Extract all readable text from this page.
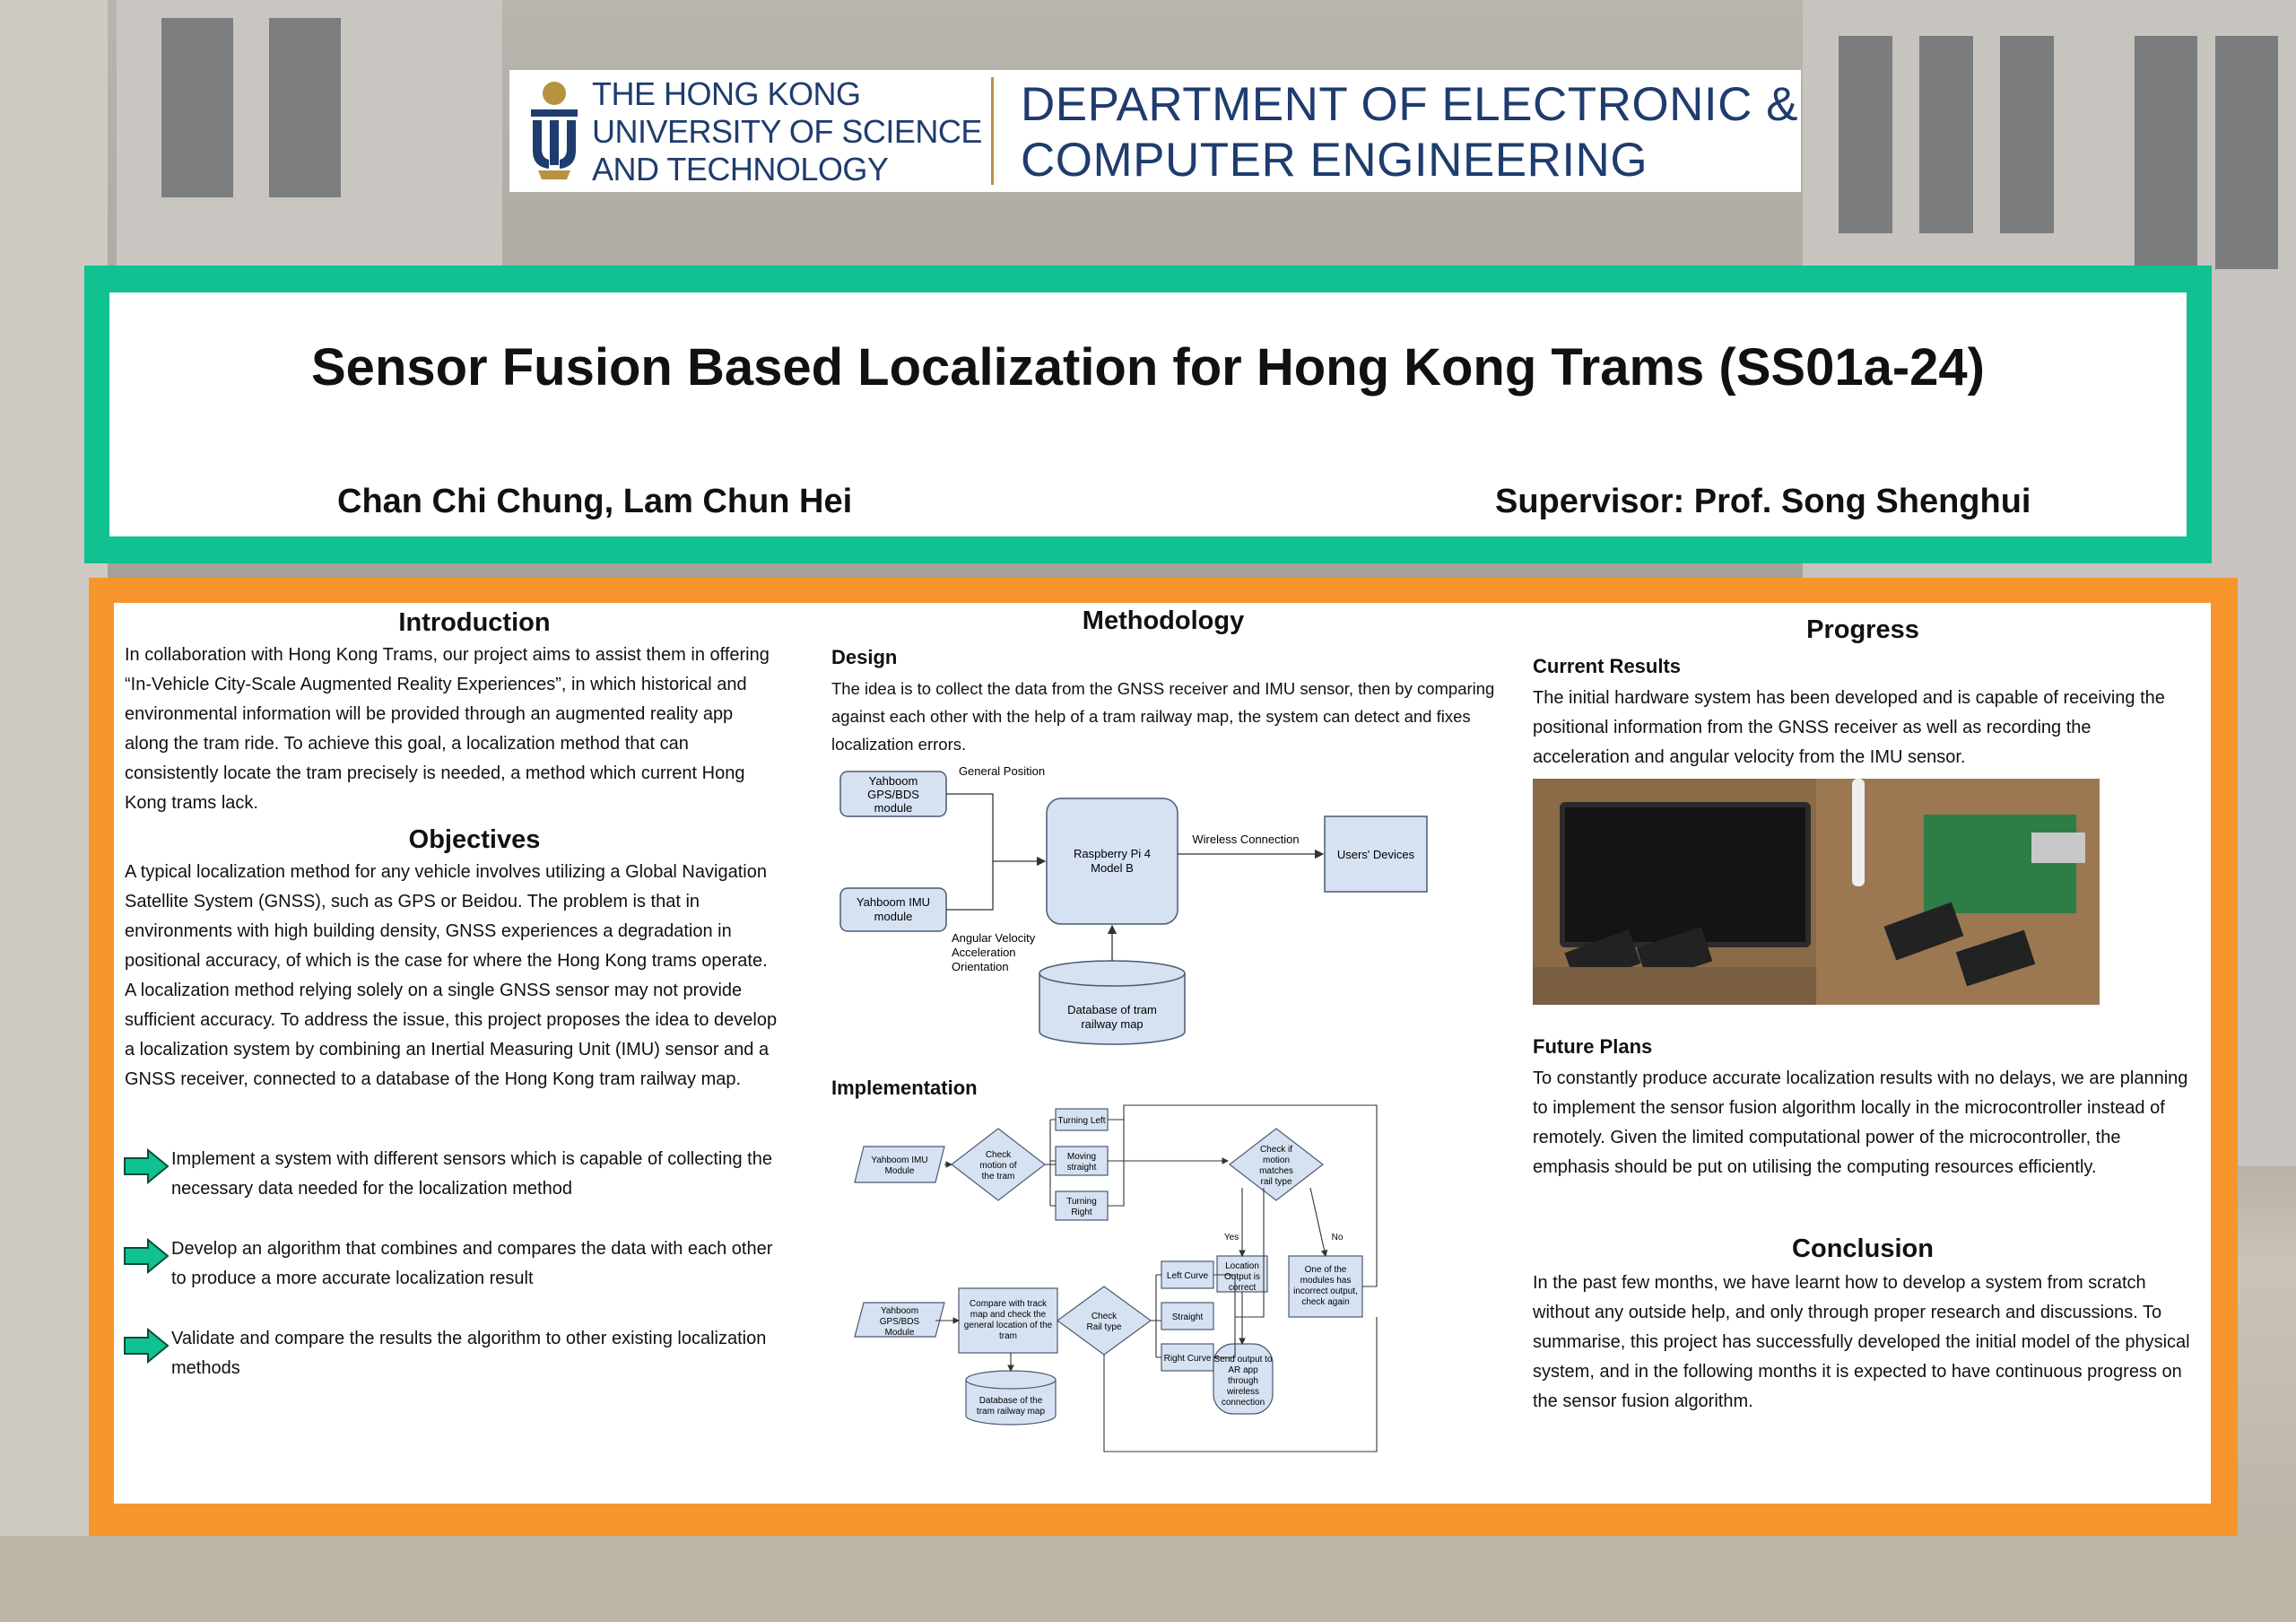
THE HONG KONG
UNIVERSITY OF SCIENCE
AND TECHNOLOGY
DEPARTMENT OF ELECTRONIC &
COMPUTER ENGINEERING
Sensor Fusion Based Localization for Hong Kong Trams (SS01a-24)
Chan Chi Chung, Lam Chun Hei	Supervisor: Prof. Song Shenghui
Introduction
In collaboration with Hong Kong Trams, our project aims to assist them in offering
“In-Vehicle City-Scale Augmented Reality Experiences”, in which historical and
environmental information will be provided through an augmented reality app
along the tram ride. To achieve this goal, a localization method that can
consistently locate the tram precisely is needed, a method which current Hong
Kong trams lack.
Objectives
A typical localization method for any vehicle involves utilizing a Global Navigation
Satellite System (GNSS), such as GPS or Beidou. The problem is that in
environments with high building density, GNSS experiences a degradation in
positional accuracy, of which is the case for where the Hong Kong trams operate.
A localization method relying solely on a single GNSS sensor may not provide
sufficient accuracy. To address the issue, this project proposes the idea to develop
a localization system by combining an Inertial Measuring Unit (IMU) sensor and a
GNSS receiver, connected to a database of the Hong Kong tram railway map.
Implement a system with different sensors which is capable of collecting the
necessary data needed for the localization method
Develop an algorithm that combines and compares the data with each other
to produce a more accurate localization result
Validate and compare the results the algorithm to other existing localization
methods
Methodology
Design
The idea is to collect the data from the GNSS receiver and IMU sensor, then by comparing
against each other with the help of a tram railway map, the system can detect and fixes
localization errors.
Yahboom
GPS/BDS
module
Yahboom IMU
module
Raspberry Pi 4
Model B
Users' Devices
Database of tram
railway map
General Position
Wireless Connection
Angular Velocity
Acceleration
Orientation
Implementation
Yahboom IMU
Module
Check
motion of
the tram
Turning Left
Moving
straight
Turning
Right
Check if
motion
matches
rail type
Yes	No
Location
Output is
correct
One of the
modules has
incorrect output,
check again
Yahboom
GPS/BDS
Module
Compare with track
map and check the
general location of the
tram
Check
Rail type
Left Curve
Straight
Right Curve
Database of the
tram railway map
Send output to
AR app
through
wireless
connection
Progress
Current Results
The initial hardware system has been developed and is capable of receiving the
positional information from the GNSS receiver as well as recording the
acceleration and angular velocity from the IMU sensor.
Future Plans
To constantly produce accurate localization results with no delays, we are planning
to implement the sensor fusion algorithm locally in the microcontroller instead of
remotely. Given the limited computational power of the microcontroller, the
emphasis should be put on utilising the computing resources efficiently.
Conclusion
In the past few months, we have learnt how to develop a system from scratch
without any outside help, and only through proper research and discussions. To
summarise, this project has successfully developed the initial model of the physical
system, and in the following months it is expected to have continuous progress on
the sensor fusion algorithm.
